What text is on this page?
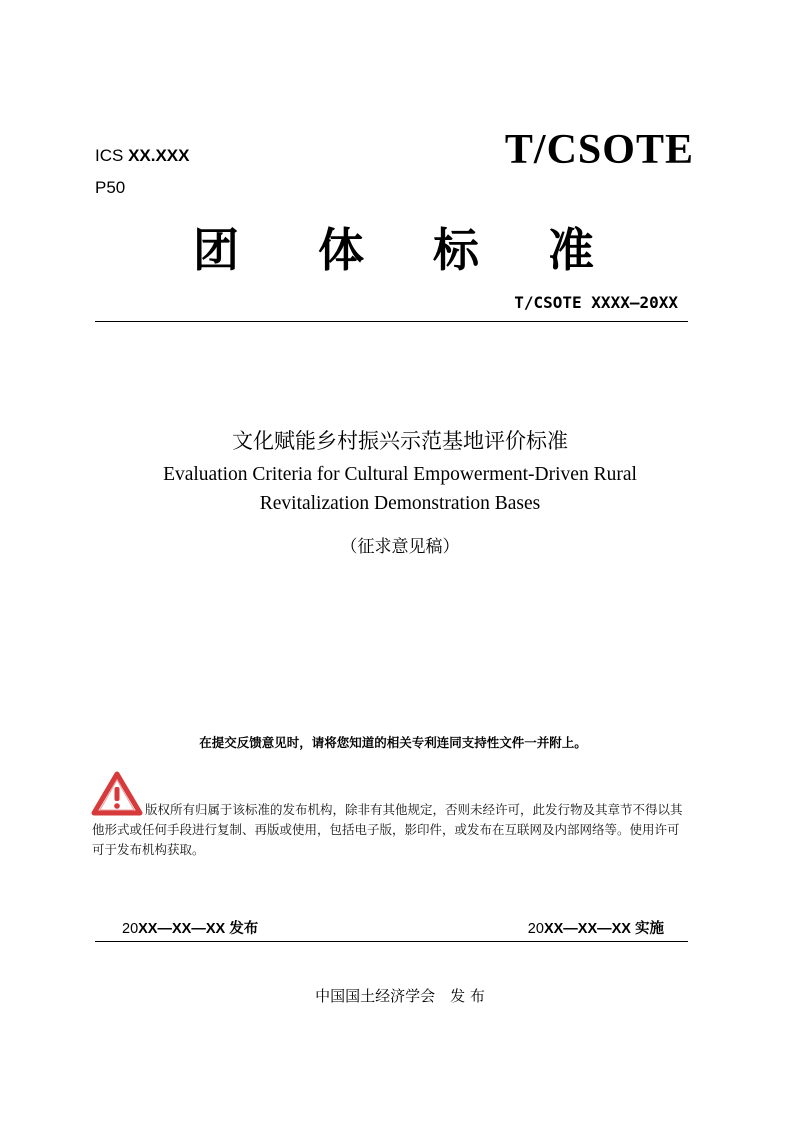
ICS XX.XXX
P50
T/CSOTE
团 体 标 准
T/CSOTE XXXX—20XX
文化赋能乡村振兴示范基地评价标准
Evaluation Criteria for Cultural Empowerment-Driven Rural
Revitalization Demonstration Bases
（征求意见稿）
在提交反馈意见时，请将您知道的相关专利连同支持性文件一并附上。
版权所有归属于该标准的发布机构，除非有其他规定，否则未经许可，此发行物及其章节不得以其他形式或任何手段进行复制、再版或使用，包括电子版，影印件，或发布在互联网及内部网络等。使用许可可于发布机构获取。
20XX—XX—XX 发布	20XX—XX—XX 实施
中国国土经济学会　发 布
